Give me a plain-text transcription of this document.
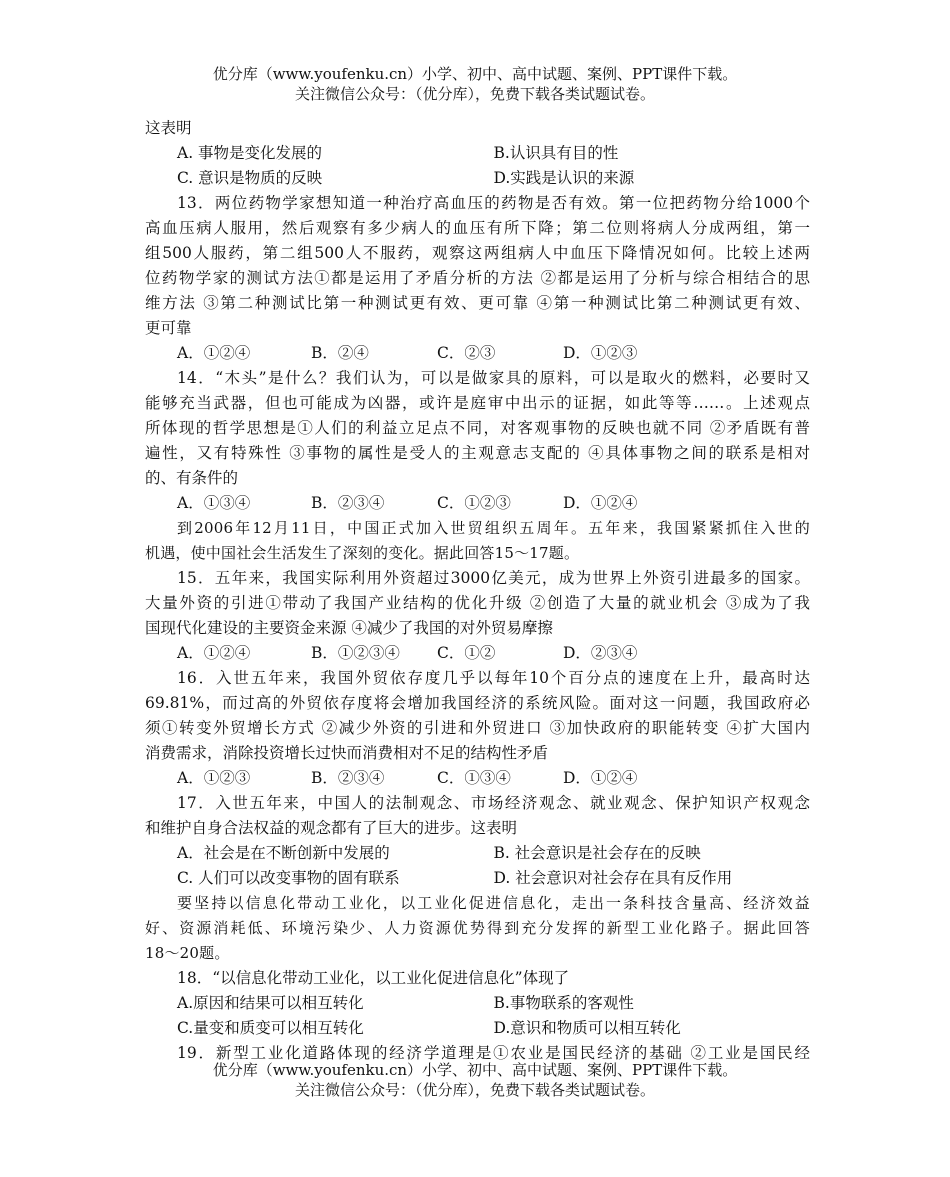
优分库（www.youfenku.cn）小学、初中、高中试题、案例、PPT课件下载。
关注微信公众号：（优分库），免费下载各类试题试卷。
这表明
A. 事物是变化发展的	B.认识具有目的性
C. 意识是物质的反映	D.实践是认识的来源
13．两位药物学家想知道一种治疗高血压的药物是否有效。第一位把药物分给1000个
高血压病人服用，然后观察有多少病人的血压有所下降；第二位则将病人分成两组，第一
组500人服药，第二组500人不服药，观察这两组病人中血压下降情况如何。比较上述两
位药物学家的测试方法①都是运用了矛盾分析的方法 ②都是运用了分析与综合相结合的思
维方法 ③第二种测试比第一种测试更有效、更可靠 ④第一种测试比第二种测试更有效、
更可靠
A．①②④	B．②④	C．②③	D．①②③
14．“木头”是什么？我们认为，可以是做家具的原料，可以是取火的燃料，必要时又
能够充当武器，但也可能成为凶器，或许是庭审中出示的证据，如此等等……。上述观点
所体现的哲学思想是①人们的利益立足点不同，对客观事物的反映也就不同 ②矛盾既有普
遍性，又有特殊性 ③事物的属性是受人的主观意志支配的 ④具体事物之间的联系是相对
的、有条件的
A．①③④	B．②③④	C．①②③	D．①②④
到2006年12月11日，中国正式加入世贸组织五周年。五年来，我国紧紧抓住入世的
机遇，使中国社会生活发生了深刻的变化。据此回答15～17题。
15．五年来，我国实际利用外资超过3000亿美元，成为世界上外资引进最多的国家。
大量外资的引进①带动了我国产业结构的优化升级 ②创造了大量的就业机会 ③成为了我
国现代化建设的主要资金来源 ④减少了我国的对外贸易摩擦
A．①②④	B．①②③④	C．①②	D．②③④
16．入世五年来，我国外贸依存度几乎以每年10个百分点的速度在上升，最高时达
69.81%，而过高的外贸依存度将会增加我国经济的系统风险。面对这一问题，我国政府必
须①转变外贸增长方式 ②减少外资的引进和外贸进口 ③加快政府的职能转变 ④扩大国内
消费需求，消除投资增长过快而消费相对不足的结构性矛盾
A．①②③	B．②③④	C．①③④	D．①②④
17．入世五年来，中国人的法制观念、市场经济观念、就业观念、保护知识产权观念
和维护自身合法权益的观念都有了巨大的进步。这表明
A．社会是在不断创新中发展的	B. 社会意识是社会存在的反映
C. 人们可以改变事物的固有联系	D. 社会意识对社会存在具有反作用
要坚持以信息化带动工业化，以工业化促进信息化，走出一条科技含量高、经济效益
好、资源消耗低、环境污染少、人力资源优势得到充分发挥的新型工业化路子。据此回答
18～20题。
18．“以信息化带动工业化，以工业化促进信息化”体现了
A.原因和结果可以相互转化	B.事物联系的客观性
C.量变和质变可以相互转化	D.意识和物质可以相互转化
19．新型工业化道路体现的经济学道理是①农业是国民经济的基础 ②工业是国民经
优分库（www.youfenku.cn）小学、初中、高中试题、案例、PPT课件下载。
关注微信公众号：（优分库），免费下载各类试题试卷。
